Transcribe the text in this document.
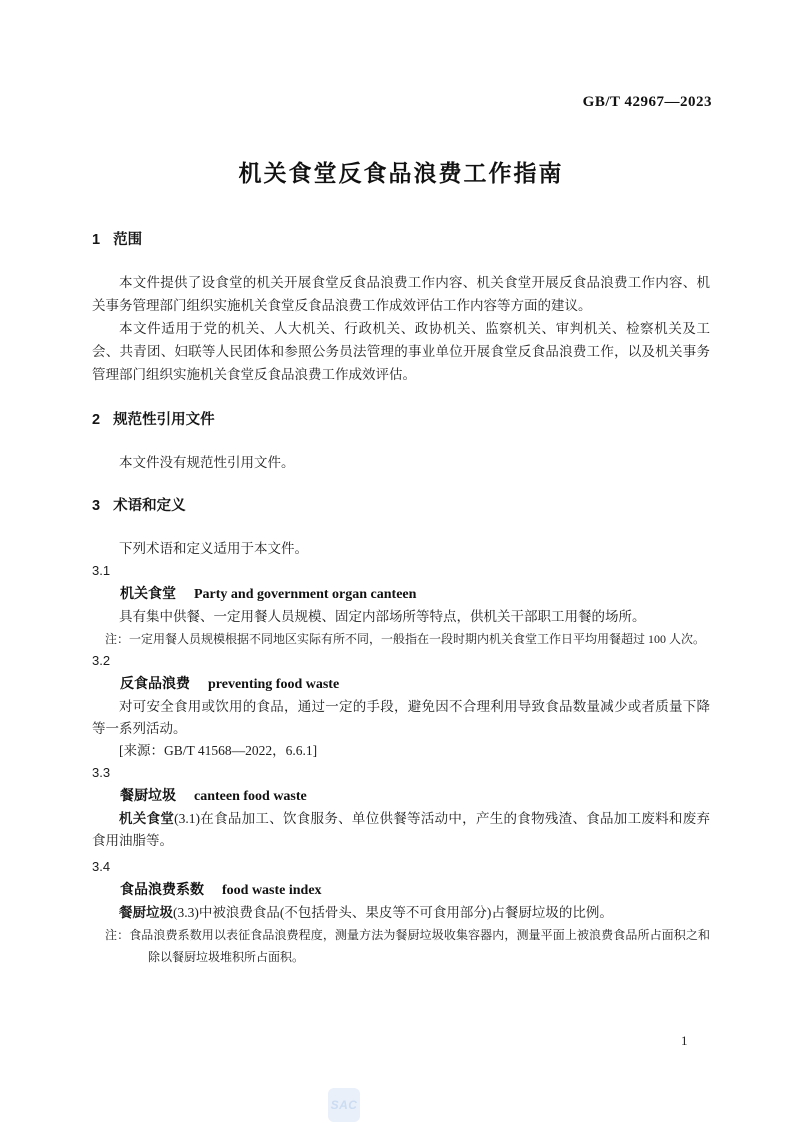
GB/T 42967—2023
机关食堂反食品浪费工作指南

1 范围

本文件提供了设食堂的机关开展食堂反食品浪费工作内容、机关食堂开展反食品浪费工作内容、机关事务管理部门组织实施机关食堂反食品浪费工作成效评估工作内容等方面的建议。

本文件适用于党的机关、人大机关、行政机关、政协机关、监察机关、审判机关、检察机关及工会、共青团、妇联等人民团体和参照公务员法管理的事业单位开展食堂反食品浪费工作，以及机关事务管理部门组织实施机关食堂反食品浪费工作成效评估。

2 规范性引用文件

本文件没有规范性引用文件。

3 术语和定义

下列术语和定义适用于本文件。

3.1

机关食堂 Party and government organ canteen

具有集中供餐、一定用餐人员规模、固定内部场所等特点，供机关干部职工用餐的场所。

注：一定用餐人员规模根据不同地区实际有所不同，一般指在一段时期内机关食堂工作日平均用餐超过 100 人次。

3.2

反食品浪费 preventing food waste

对可安全食用或饮用的食品，通过一定的手段，避免因不合理利用导致食品数量减少或者质量下降等一系列活动。

[来源：GB/T 41568—2022，6.6.1]

3.3

餐厨垃圾 canteen food waste

机关食堂(3.1)在食品加工、饮食服务、单位供餐等活动中，产生的食物残渣、食品加工废料和废弃食用油脂等。

3.4

食品浪费系数 food waste index

餐厨垃圾(3.3)中被浪费食品(不包括骨头、果皮等不可食用部分)占餐厨垃圾的比例。

注：食品浪费系数用以表征食品浪费程度，测量方法为餐厨垃圾收集容器内，测量平面上被浪费食品所占面积之和除以餐厨垃圾堆积所占面积。

1
SAC
